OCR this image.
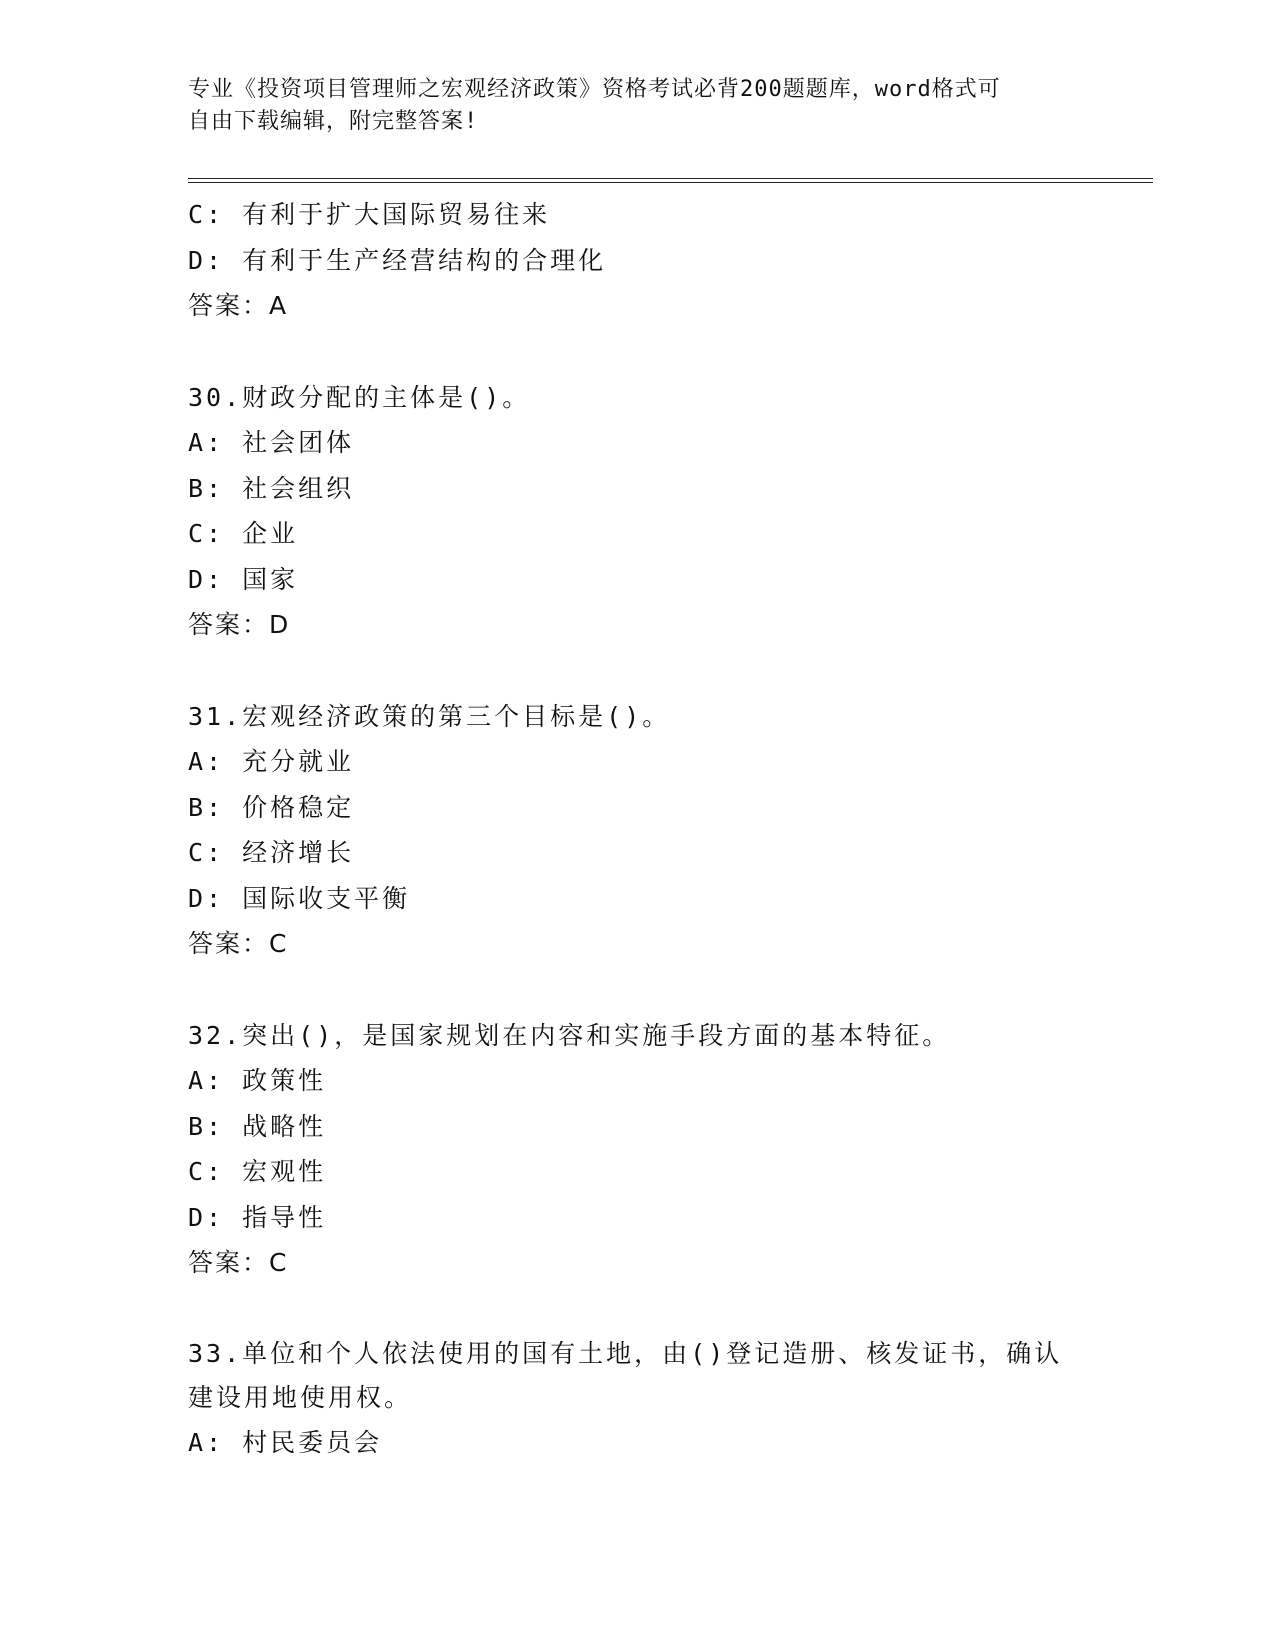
专业《投资项目管理师之宏观经济政策》资格考试必背200题题库，word格式可
自由下载编辑，附完整答案!
C: 有利于扩大国际贸易往来
D: 有利于生产经营结构的合理化
答案：A
30.财政分配的主体是()。
A: 社会团体
B: 社会组织
C: 企业
D: 国家
答案：D
31.宏观经济政策的第三个目标是()。
A: 充分就业
B: 价格稳定
C: 经济增长
D: 国际收支平衡
答案：C
32.突出()，是国家规划在内容和实施手段方面的基本特征。
A: 政策性
B: 战略性
C: 宏观性
D: 指导性
答案：C
33.单位和个人依法使用的国有土地，由()登记造册、核发证书，确认建设用地使用权。
A: 村民委员会
